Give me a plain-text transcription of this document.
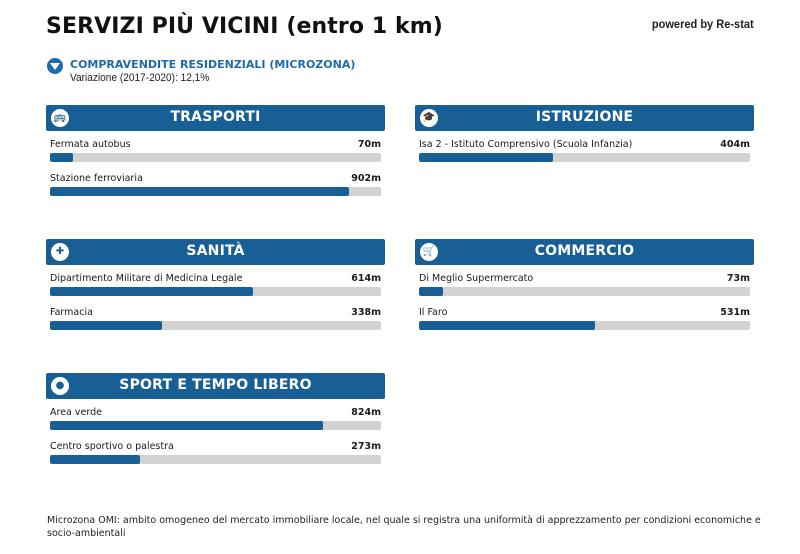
SERVIZI PIÙ VICINI (entro 1 km)	powered by Re-stat
COMPRAVENDITE RESIDENZIALI (MICROZONA)
Variazione (2017-2020): 12,1%
🚌	TRASPORTI
Fermata autobus	70m
Stazione ferroviaria	902m
🎓	ISTRUZIONE
Isa 2 - Istituto Comprensivo (Scuola Infanzia)	404m
✚	SANITÀ
Dipartimento Militare di Medicina Legale	614m
Farmacia	338m
🛒	COMMERCIO
Di Meglio Supermercato	73m
Il Faro	531m
●	SPORT E TEMPO LIBERO
Area verde	824m
Centro sportivo o palestra	273m
Microzona OMI: ambito omogeneo del mercato immobiliare locale, nel quale si registra una uniformità di apprezzamento per condizioni economiche e socio-ambientali
